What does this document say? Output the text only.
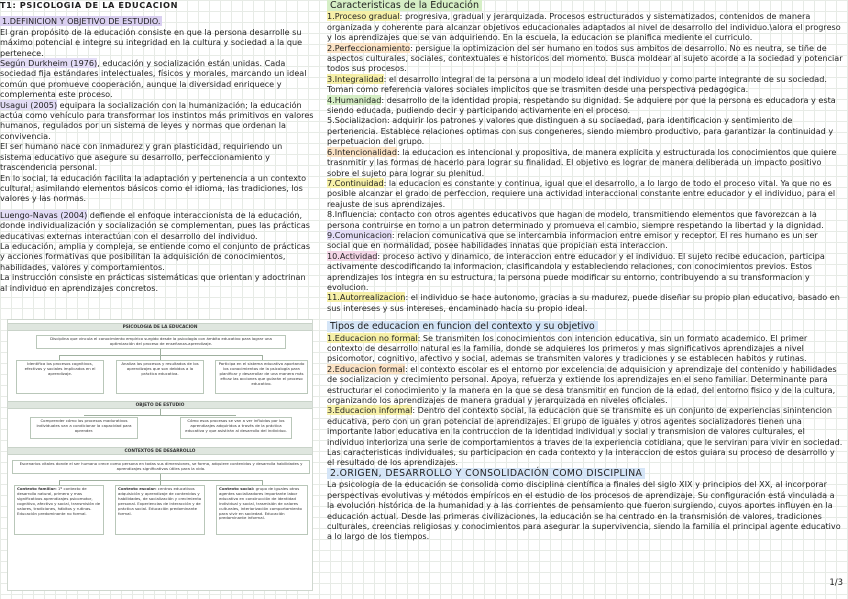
T1: PSICOLOGIA DE LA EDUCACION

1.DEFINICION Y OBJETIVO DE ESTUDIO.

El gran propósito de la educación consiste en que la persona desarrolle su máximo potencial e integre su integridad en la cultura y sociedad a la que pertenece.

Según Durkheim (1976), educación y socialización están unidas. Cada sociedad fija estándares intelectuales, físicos y morales, marcando un ideal común que promueve cooperación, aunque la diversidad enriquece y complementa este proceso.

Usagui (2005) equipara la socialización con la humanización; la educación actúa como vehículo para transformar los instintos más primitivos en valores humanos, regulados por un sistema de leyes y normas que ordenan la convivencia.

El ser humano nace con inmadurez y gran plasticidad, requiriendo un sistema educativo que asegure su desarrollo, perfeccionamiento y trascendencia personal.

En lo social, la educación facilita la adaptación y pertenencia a un contexto cultural, asimilando elementos básicos como el idioma, las tradiciones, los valores y las normas.

Luengo-Navas (2004) defiende el enfoque interaccionista de la educación, donde individualización y socialización se complementan, pues las prácticas educativas externas interactúan con el desarrollo del individuo.

La educación, amplia y compleja, se entiende como el conjunto de prácticas y acciones formativas que posibilitan la adquisición de conocimientos, habilidades, valores y comportamientos.

La instrucción consiste en prácticas sistemáticas que orientan y adoctrinan al individuo en aprendizajes concretos.

PSICOLOGIA DE LA EDUCACION
Disciplina que vincula el conocimiento empírico surgido desde la psicología con ámbito educativo para lograr una optimización del proceso de enseñanza-aprendizaje.
Identifica los procesos cognitivos, efectivos y sociales implicados en el aprendizaje.
Analiza los procesos y resultados de los aprendizajes que son debidos a la práctica educativa.
Participa en el sistema educativo aportando los conocimientos de la psicología para planificar y desarrollar de una manera más eficaz las acciones que guíarán el proceso educativo.
OBJETO DE ESTUDIO
Comprender cómo los procesos madurativos individuales van a condicionar la capacidad para aprender.
Cómo esos procesos se van a ver influidos por los aprendizajes adquiridos a través de la práctica educativa y que asistirán al desarrollo del individuo.
CONTEXTOS DE DESARROLLO
Escenarios vitales donde el ser humano crece como persona en todas sus dimensiones, se forma, adquiere contenidos y desarrolla habilidades y aprendizajes significativos útiles para la vida.
Contexto familiar: 1º contexto de desarrollo natural, primero y mas significativos aprendizajes psicomotor, cognitivo, afectivo y social, transmisión de valores, tradiciones, hábitos y rutinas. Educación predominante no formal.
Contexto escolar: centros educativos adquisición y aprendizaje de contenidos y habilidades, de socialización y crecimiento personal. Experiencias de interacción y de práctica social. Educación predominante formal.
Contexto social: grupo de iguales otros agentes socializadores importante labor educativa en construcción de identidad individual y social, trasmisión de valores culturales, interiorización comportamiento para vivir en sociedad. Educación predominante informal.

Caracteristicas de la Educación

1.Proceso gradual: progresiva, gradual y jerarquizada. Procesos estructurados y sistematizados, contenidos de manera organizada y coherente para alcanzar objetivos educacionales adaptados al nivel de desarrollo del individuo.\alora el progreso y los aprendizajes que se van adquiriendo. En la escuela, la educacion se planifica mediente el curriculo.

2.Perfeccionamiento: persigue la optimizacion del ser humano en todos sus ambitos de desarrollo. No es neutra, se tiñe de aspectos culturales, sociales, contextuales e historicos del momento. Busca moldear al sujeto acorde a la sociedad y potenciar todos sus procesos.

3.Integralidad: el desarrollo integral de la persona a un modelo ideal del individuo y como parte integrante de su sociedad. Toman como referencia valores sociales implicitos que se trasmiten desde una perspectiva pedagogica.

4.Humanidad: desarrollo de la identidad propia, respetando su dignidad. Se adquiere por que la persona es educadora y esta siendo educada, pudiendo decir y participando activamente en el proceso.

5.Socializacion: adquirir los patrones y valores que distinguen a su sociaedad, para identificacion y sentimiento de pertenencia. Establece relaciones optimas con sus congeneres, siendo miembro productivo, para garantizar la continuidad y perpetuacion del grupo.

6.Intencionalidad: la educacion es intencional y propositiva, de manera explicita y estructurada los conocimientos que quiere trasnmitir y las formas de hacerlo para lograr su finalidad. El objetivo es lograr de manera deliberada un impacto positivo sobre el sujeto para lograr su plenitud.

7.Continuidad: la educacion es constante y continua, igual que el desarrollo, a lo largo de todo el proceso vital. Ya que no es posible alcanzar el grado de perfeccion, requiere una actividad interaccional constante entre educador y el individuo, para el reajuste de sus aprendizajes.

8.Influencia: contacto con otros agentes educativos que hagan de modelo, transmitiendo elementos que favorezcan a la persona contruirse en torno a un patron determinado y promueva el cambio, siempre respetando la libertad y la dignidad.

9.Comunicacion: relacion comunicativa que se intercambia informacion entre emisor y receptor. El res humano es un ser social que en normalidad, posee habilidades innatas que propician esta interaccion.

10.Actividad: proceso activo y dinamico, de interaccion entre educador y el individuo. El sujeto recibe educacion, participa activamente descodificando la informacion, clasificandola y estableciendo relaciones, con conocimientos previos. Estos aprendizajes los integra en su estructura, la persona puede modificar su entorno, contribuyendo a su transformacion y evolucion.

11.Autorrealizacion: el individuo se hace autonomo, gracias a su madurez, puede diseñar su propio plan educativo, basado en sus intereses y sus intereses, encaminado hacia su propio ideal.

Tipos de educacion en funcion del contexto y su objetivo

1.Educacion no formal: Se transmiten los conocimientos con intencion educativa, sin un formato academico. El primer contexto de desarrollo natural es la familia, donde se adquieres los primeros y mas significativos aprendizajes a nivel psicomotor, cognitivo, afectivo y social, ademas se transmiten valores y tradiciones y se establecen habitos y rutinas.

2.Educacion formal: el contexto escolar es el entorno por excelencia de adquisicion y aprendizaje del contenido y habilidades de socializacion y crecimiento personal. Apoya, refuerza y extiende los aprendizajes en el seno familiar. Determinante para estructurar el conocimiento y la manera en la que se desa transmitir en funcion de la edad, del entorno fisico y de la cultura, organizando los aprendizajes de manera gradual y jerarquizada en niveles oficiales.

3.Educacion informal: Dentro del contexto social, la educacion que se transmite es un conjunto de experiencias sinintencion educativa, pero con un gran potencial de aprendizajes. El grupo de iguales y otros agentes socializadores tienen una importante labor educativa en la contruccion de la identidad individual y social y transmision de valores culturales, el individuo interioriza una serie de comportamientos a traves de la experiencia cotidiana, que le serviran para vivir en sociedad. Las caracteristicas individuales, su participacion en cada contexto y la interaccion de estos guiara su proceso de desarrollo y el resultado de los aprendizajes.

2.ORIGEN, DESARROLLO Y CONSOLIDACIÓN COMO DISCIPLINA

La psicologia de la educación se consolida como disciplina científica a finales del siglo XIX y principios del XX, al incorporar perspectivas evolutivas y métodos empíricos en el estudio de los procesos de aprendizaje. Su configuración está vinculada a la evolución histórica de la humanidad y a las corrientes de pensamiento que fueron surgiendo, cuyos aportes influyen en la educación actual. Desde las primeras civilizaciones, la educación se ha centrado en la transmisión de valores, tradiciones culturales, creencias religiosas y conocimientos para asegurar la supervivencia, siendo la familia el principal agente educativo a lo largo de los tiempos.

1/3
